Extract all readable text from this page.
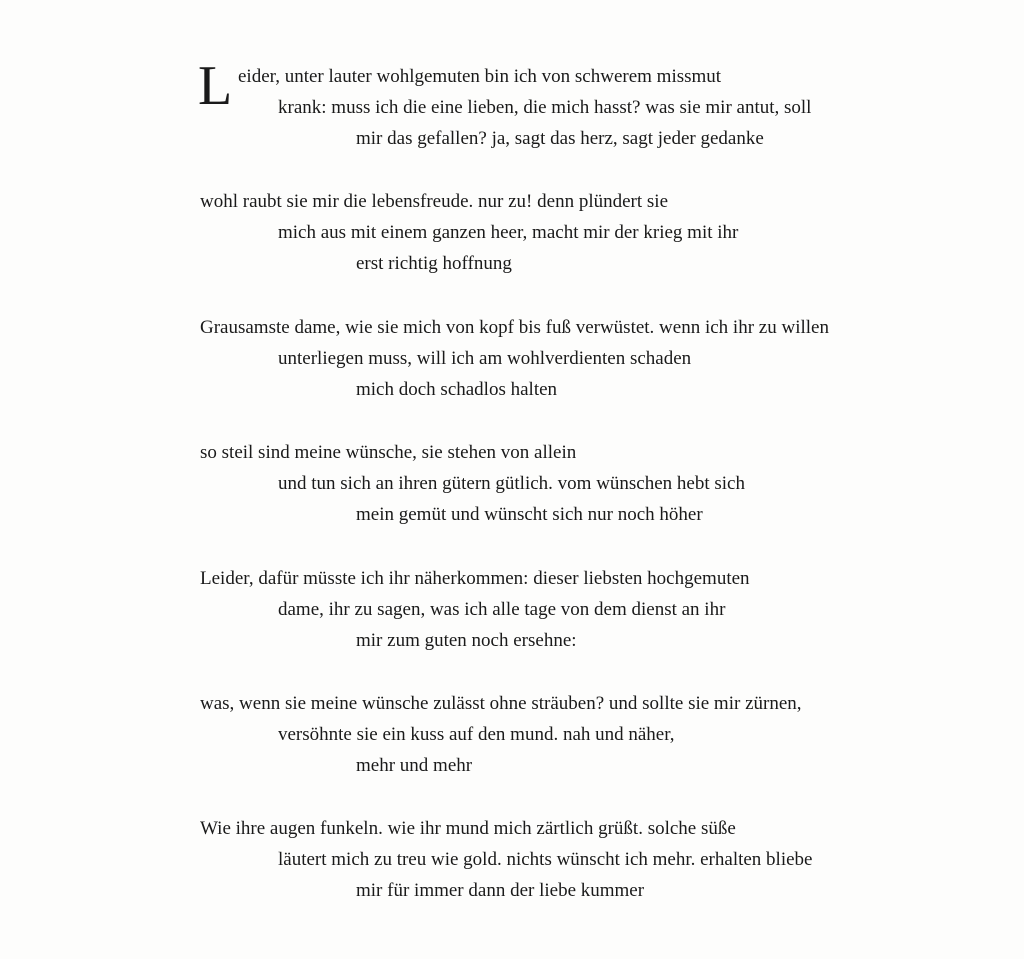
L eider, unter lauter wohlgemuten bin ich von schwerem missmut
krank: muss ich die eine lieben, die mich hasst? was sie mir antut, soll
mir das gefallen? ja, sagt das herz, sagt jeder gedanke
wohl raubt sie mir die lebensfreude. nur zu! denn plündert sie
mich aus mit einem ganzen heer, macht mir der krieg mit ihr
erst richtig hoffnung
Grausamste dame, wie sie mich von kopf bis fuß verwüstet. wenn ich ihr zu willen
unterliegen muss, will ich am wohlverdienten schaden
mich doch schadlos halten
so steil sind meine wünsche, sie stehen von allein
und tun sich an ihren gütern gütlich. vom wünschen hebt sich
mein gemüt und wünscht sich nur noch höher
Leider, dafür müsste ich ihr näherkommen: dieser liebsten hochgemuten
dame, ihr zu sagen, was ich alle tage von dem dienst an ihr
mir zum guten noch ersehne:
was, wenn sie meine wünsche zulässt ohne sträuben? und sollte sie mir zürnen,
versöhnte sie ein kuss auf den mund. nah und näher,
mehr und mehr
Wie ihre augen funkeln. wie ihr mund mich zärtlich grüßt. solche süße
läutert mich zu treu wie gold. nichts wünscht ich mehr. erhalten bliebe
mir für immer dann der liebe kummer
